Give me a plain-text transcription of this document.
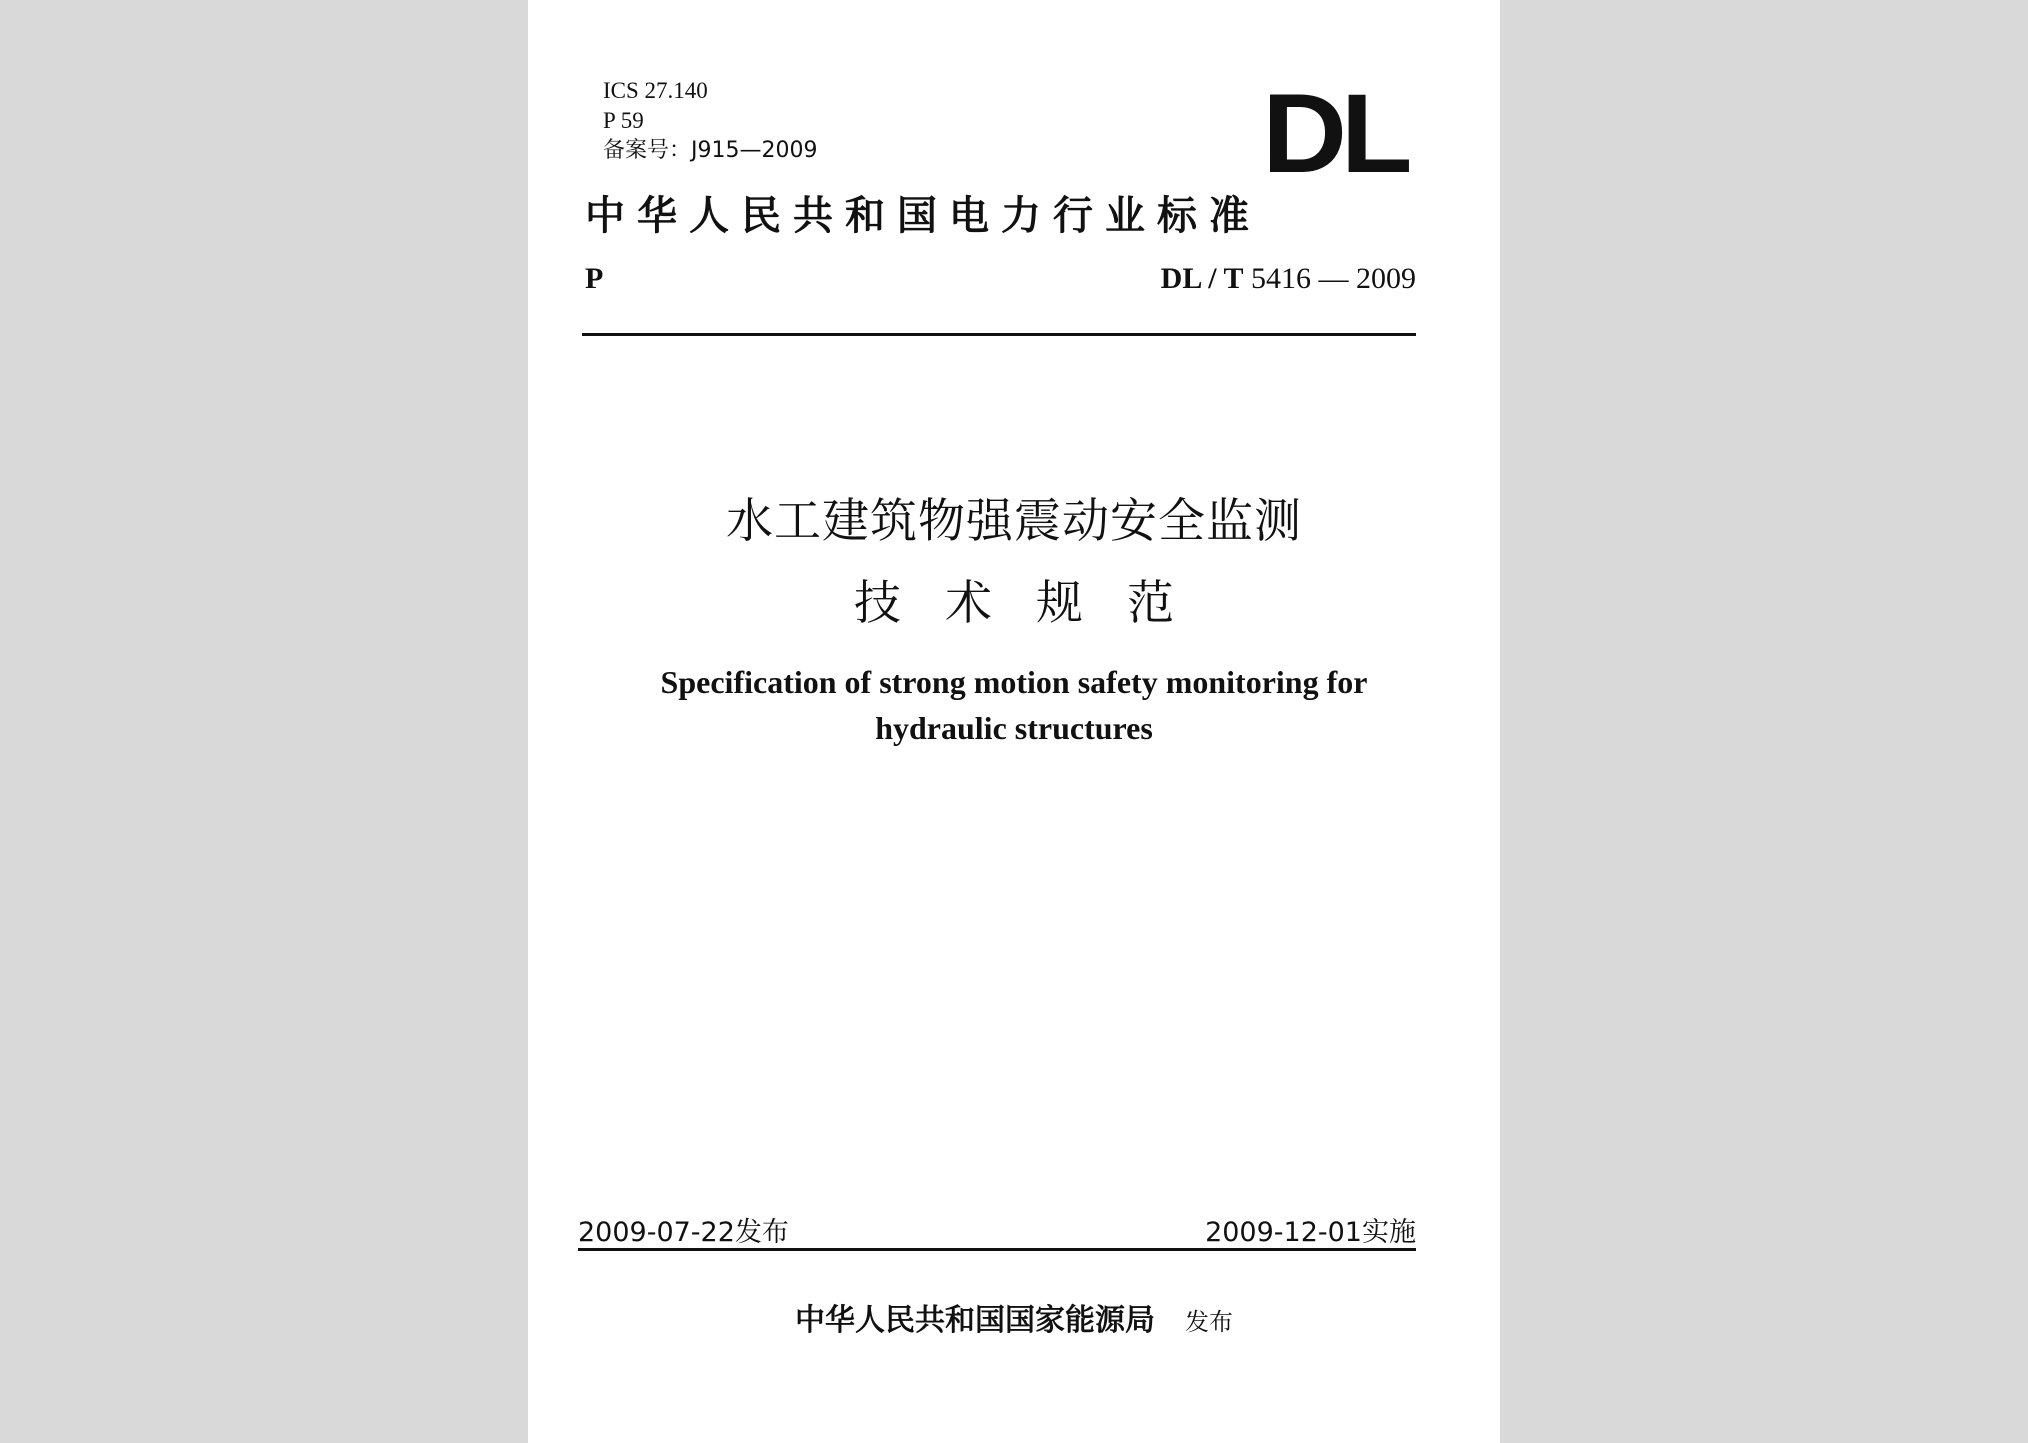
ICS 27.140
P 59
备案号：J915—2009	DL
中华人民共和国电力行业标准
P	DL / T 5416 — 2009
水工建筑物强震动安全监测
技术规范
Specification of strong motion safety monitoring for
hydraulic structures
2009-07-22发布	2009-12-01实施
中华人民共和国国家能源局 发布
